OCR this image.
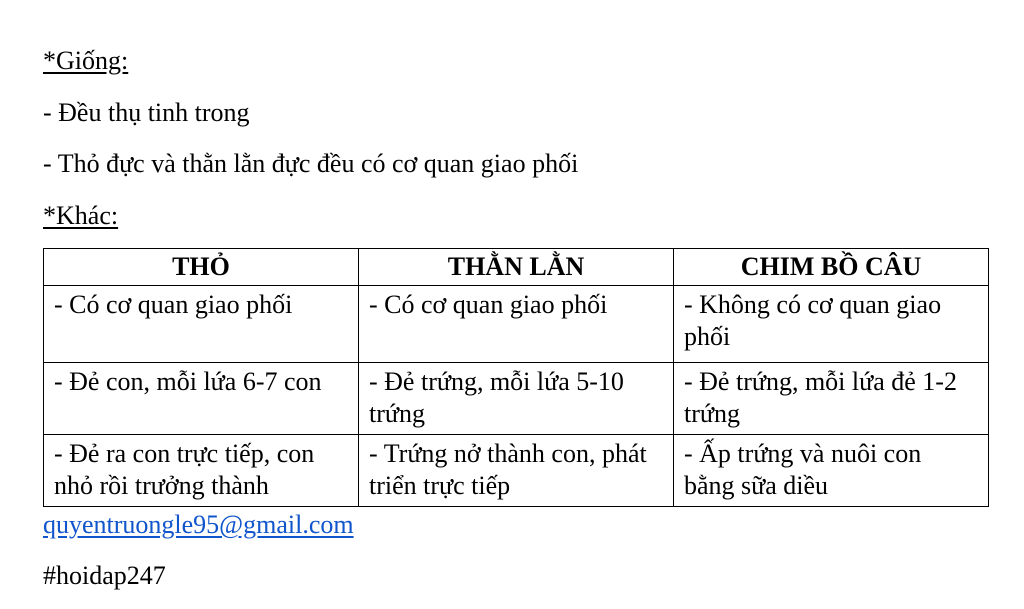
*Giống:
- Đều thụ tinh trong
- Thỏ đực và thằn lằn đực đều có cơ quan giao phối
*Khác:
THỎ	THẰN LẰN	CHIM BỒ CÂU
- Có cơ quan giao phối	- Có cơ quan giao phối	- Không có cơ quan giao phối
- Đẻ con, mỗi lứa 6-7 con	- Đẻ trứng, mỗi lứa 5-10 trứng	- Đẻ trứng, mỗi lứa đẻ 1-2 trứng
- Đẻ ra con trực tiếp, con nhỏ rồi trưởng thành	- Trứng nở thành con, phát triển trực tiếp	- Ấp trứng và nuôi con bằng sữa diều
quyentruongle95@gmail.com
#hoidap247
